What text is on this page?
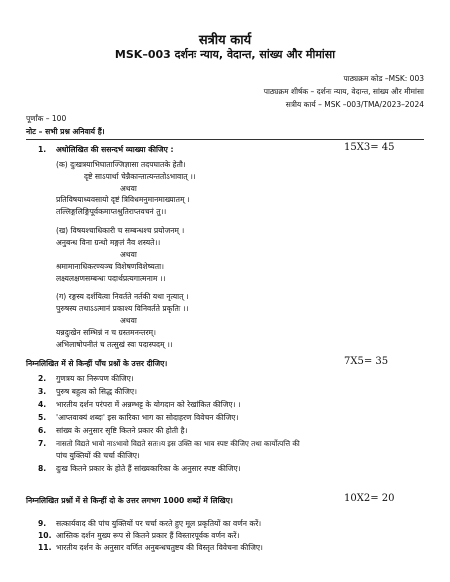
सत्रीय कार्य
MSK–003 दर्शनः न्याय, वेदान्त, सांख्य और मीमांसा
पाठ्यक्रम कोड –MSK: 003
पाठ्यक्रम शीर्षक – दर्शनः न्याय, वेदान्त, सांख्य और मीमांसा
सत्रीय कार्य – MSK –003/TMA/2023–2024
पूर्णांक – 100
नोट – सभी प्रश्न अनिवार्य हैं।
1. अधोलिखित की ससन्दर्भ व्याख्या कीजिए :	15X3= 45
(क) दुःखत्रयाभिघाताज्जिज्ञासा तदपघातके हेतौ।
दृष्टे साऽपार्था चेन्नैकान्तात्यन्ततोऽभावात् ।।
अथवा
प्रतिविषयाध्यवसायो दृष्टं त्रिविधमनुमानमाख्यातम् ।
तल्लिङ्गलिङ्गिपूर्वकमाप्तश्रुतिराप्तवचनं तु।।
(ख) विषयश्चाधिकारी च सम्बन्धश्च प्रयोजनम् ।
अनुबन्ध विना ग्रन्थो मङ्गलं नैव शस्यते।।
अथवा
श्रमामानाधिकरण्यञ्च विशेषणविशेष्यता।
लक्ष्यलक्षणसम्बन्धः पदार्थप्रत्यगात्मनाम ।।
(ग) रङ्गस्य दर्शयित्वा निवर्तते नर्तकी यथा नृत्यात् ।
पुरुषस्य तथाऽऽत्मानं प्रकाश्य विनिवर्तते प्रकृतिः ।।
अथवा
यन्नदुःखेन सम्भिन्नं न च ग्रस्तमनन्तरम्।
अभिलाषोपनीतं च तत्सुखं स्वः पदास्पदम् ।।
निम्नलिखित में से किन्हीं पाँच प्रश्नों के उत्तर दीजिए।	7X5= 35
2. गुणत्रय का निरूपण कीजिए।
3. पुरुष बहुत्व को सिद्ध कीजिए।
4. भारतीय दर्शन परंपरा में अन्नम्भट्ट के योगदान को रेखांकित कीजिए। ।
5. 'आप्तवाक्यं शब्दः' इस कारिका भाग का सोदाहरण विवेचन कीजिए।
6. सांख्य के अनुसार सृष्टि कितने प्रकार की होती है।
7. नासतो विद्यते भावो नाऽभावो विद्यते सतः।य इस उक्ति का भाव स्पष्ट कीजिए तथा कार्योत्पत्ति की
पांच युक्तियों की चर्चा कीजिए।
8. दुःख कितने प्रकार के होते हैं सांख्यकारिका के अनुसार स्पष्ट कीजिए।
निम्नलिखित प्रश्नों में से किन्हीं दो के उत्तर लगभग 1000 शब्दों में लिखिए।	10X2= 20
9. सत्कार्यवाद की पांच युक्तियों पर चर्चा करते हुए मूल प्रकृतियों का वर्णन करें।
10. आस्तिक दर्शन मुख्य रूप से कितने प्रकार हैं विस्तारपूर्वक वर्णन करें।
11. भारतीय दर्शन के अनुसार वर्णित अनुबन्धचतुष्टय की विस्तृत विवेचना कीजिए।
